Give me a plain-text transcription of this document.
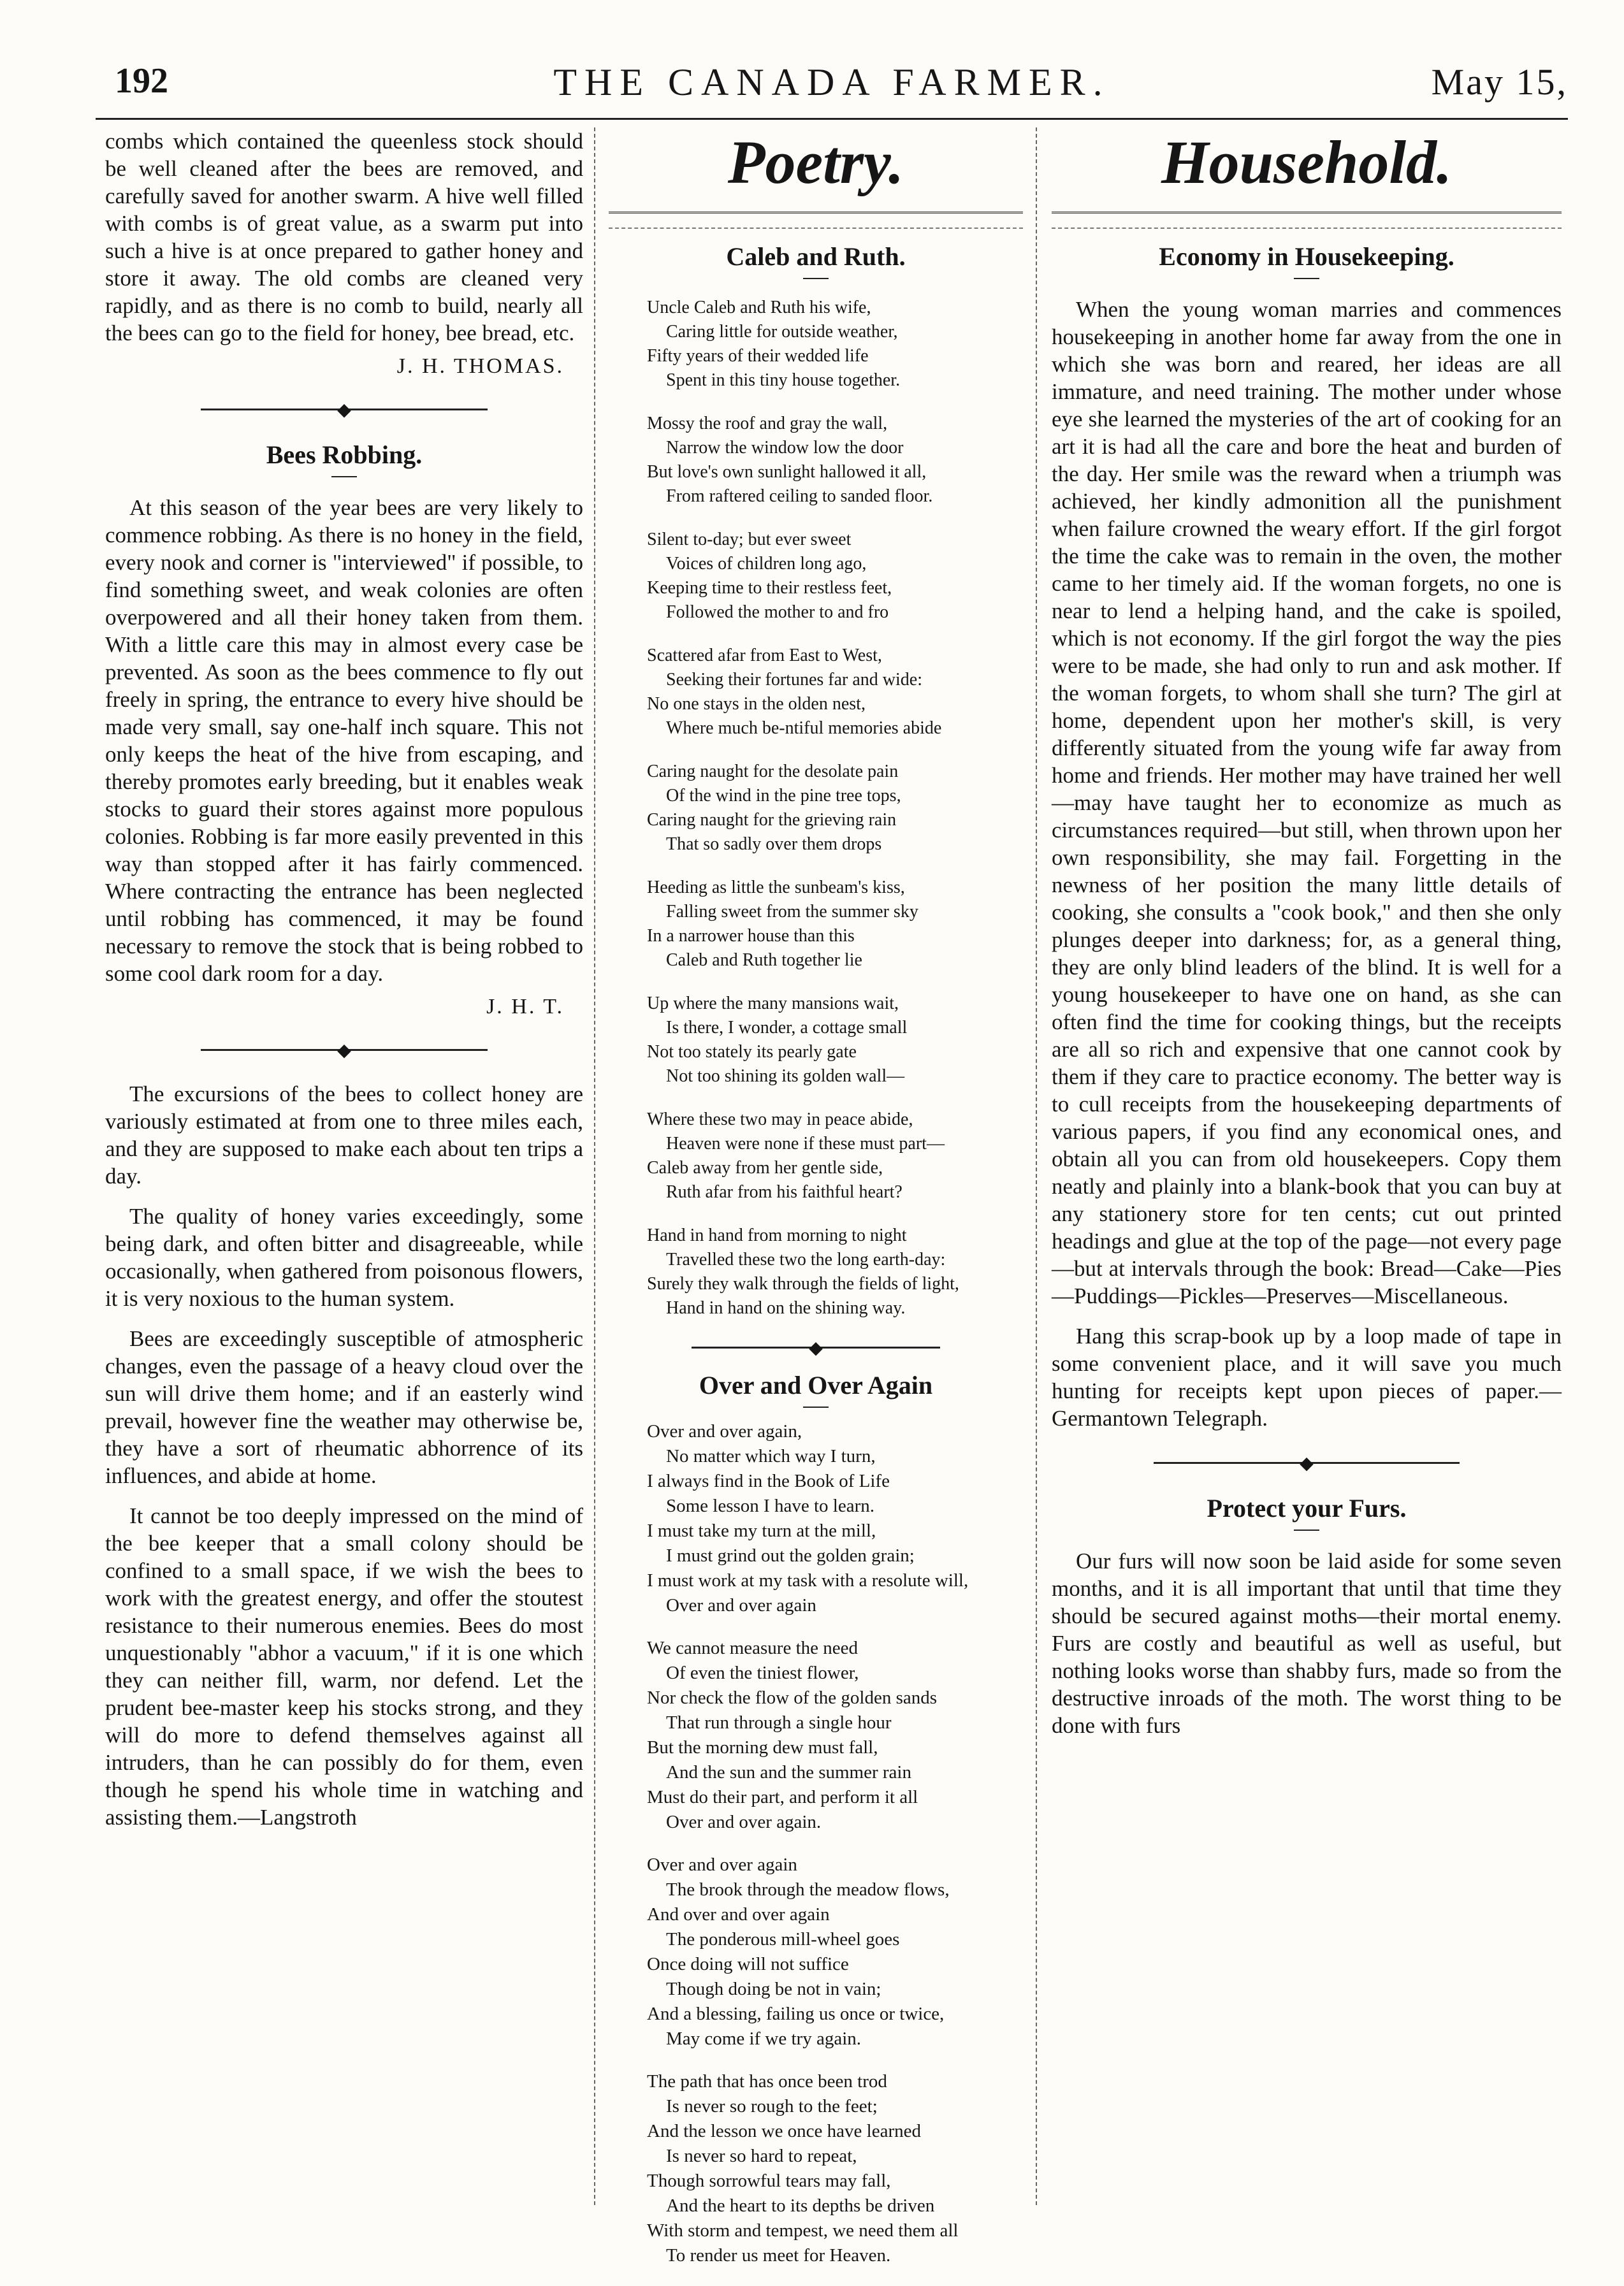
192	THE CANADA FARMER.	May 15,

combs which contained the queenless stock should be well cleaned after the bees are removed, and carefully saved for another swarm. A hive well filled with combs is of great value, as a swarm put into such a hive is at once prepared to gather honey and store it away. The old combs are cleaned very rapidly, and as there is no comb to build, nearly all the bees can go to the field for honey, bee bread, etc.

J. H. THOMAS.
◆
Bees Robbing.

At this season of the year bees are very likely to commence robbing. As there is no honey in the field, every nook and corner is "interviewed" if possible, to find something sweet, and weak colonies are often overpowered and all their honey taken from them. With a little care this may in almost every case be prevented. As soon as the bees commence to fly out freely in spring, the entrance to every hive should be made very small, say one-half inch square. This not only keeps the heat of the hive from escaping, and thereby promotes early breeding, but it enables weak stocks to guard their stores against more populous colonies. Robbing is far more easily prevented in this way than stopped after it has fairly commenced. Where contracting the entrance has been neglected until robbing has commenced, it may be found necessary to remove the stock that is being robbed to some cool dark room for a day.

J. H. T.
◆

The excursions of the bees to collect honey are variously estimated at from one to three miles each, and they are supposed to make each about ten trips a day.

The quality of honey varies exceedingly, some being dark, and often bitter and disagreeable, while occasionally, when gathered from poisonous flowers, it is very noxious to the human system.

Bees are exceedingly susceptible of atmospheric changes, even the passage of a heavy cloud over the sun will drive them home; and if an easterly wind prevail, however fine the weather may otherwise be, they have a sort of rheumatic abhorrence of its influences, and abide at home.

It cannot be too deeply impressed on the mind of the bee keeper that a small colony should be confined to a small space, if we wish the bees to work with the greatest energy, and offer the stoutest resistance to their numerous enemies. Bees do most unquestionably "abhor a vacuum," if it is one which they can neither fill, warm, nor defend. Let the prudent bee-master keep his stocks strong, and they will do more to defend themselves against all intruders, than he can possibly do for them, even though he spend his whole time in watching and assisting them.—Langstroth

Poetry.
Caleb and Ruth.
Uncle Caleb and Ruth his wife,
Caring little for outside weather,
Fifty years of their wedded life
Spent in this tiny house together.
Mossy the roof and gray the wall,
Narrow the window low the door
But love's own sunlight hallowed it all,
From raftered ceiling to sanded floor.
Silent to-day; but ever sweet
Voices of children long ago,
Keeping time to their restless feet,
Followed the mother to and fro
Scattered afar from East to West,
Seeking their fortunes far and wide:
No one stays in the olden nest,
Where much be-ntiful memories abide
Caring naught for the desolate pain
Of the wind in the pine tree tops,
Caring naught for the grieving rain
That so sadly over them drops
Heeding as little the sunbeam's kiss,
Falling sweet from the summer sky
In a narrower house than this
Caleb and Ruth together lie
Up where the many mansions wait,
Is there, I wonder, a cottage small
Not too stately its pearly gate
Not too shining its golden wall—
Where these two may in peace abide,
Heaven were none if these must part—
Caleb away from her gentle side,
Ruth afar from his faithful heart?
Hand in hand from morning to night
Travelled these two the long earth-day:
Surely they walk through the fields of light,
Hand in hand on the shining way.
◆
Over and Over Again
Over and over again,
No matter which way I turn,
I always find in the Book of Life
Some lesson I have to learn.
I must take my turn at the mill,
I must grind out the golden grain;
I must work at my task with a resolute will,
Over and over again
We cannot measure the need
Of even the tiniest flower,
Nor check the flow of the golden sands
That run through a single hour
But the morning dew must fall,
And the sun and the summer rain
Must do their part, and perform it all
Over and over again.
Over and over again
The brook through the meadow flows,
And over and over again
The ponderous mill-wheel goes
Once doing will not suffice
Though doing be not in vain;
And a blessing, failing us once or twice,
May come if we try again.
The path that has once been trod
Is never so rough to the feet;
And the lesson we once have learned
Is never so hard to repeat,
Though sorrowful tears may fall,
And the heart to its depths be driven
With storm and tempest, we need them all
To render us meet for Heaven.
Household.
Economy in Housekeeping.

When the young woman marries and commences housekeeping in another home far away from the one in which she was born and reared, her ideas are all immature, and need training. The mother under whose eye she learned the mysteries of the art of cooking for an art it is had all the care and bore the heat and burden of the day. Her smile was the reward when a triumph was achieved, her kindly admonition all the punishment when failure crowned the weary effort. If the girl forgot the time the cake was to remain in the oven, the mother came to her timely aid. If the woman forgets, no one is near to lend a helping hand, and the cake is spoiled, which is not economy. If the girl forgot the way the pies were to be made, she had only to run and ask mother. If the woman forgets, to whom shall she turn? The girl at home, dependent upon her mother's skill, is very differently situated from the young wife far away from home and friends. Her mother may have trained her well—may have taught her to economize as much as circumstances required—but still, when thrown upon her own responsibility, she may fail. Forgetting in the newness of her position the many little details of cooking, she consults a "cook book," and then she only plunges deeper into darkness; for, as a general thing, they are only blind leaders of the blind. It is well for a young housekeeper to have one on hand, as she can often find the time for cooking things, but the receipts are all so rich and expensive that one cannot cook by them if they care to practice economy. The better way is to cull receipts from the housekeeping departments of various papers, if you find any economical ones, and obtain all you can from old housekeepers. Copy them neatly and plainly into a blank-book that you can buy at any stationery store for ten cents; cut out printed headings and glue at the top of the page—not every page—but at intervals through the book: Bread—Cake—Pies—Puddings—Pickles—Preserves—Miscellaneous.

Hang this scrap-book up by a loop made of tape in some convenient place, and it will save you much hunting for receipts kept upon pieces of paper.—Germantown Telegraph.

◆
Protect your Furs.

Our furs will now soon be laid aside for some seven months, and it is all important that until that time they should be secured against moths—their mortal enemy. Furs are costly and beautiful as well as useful, but nothing looks worse than shabby furs, made so from the destructive inroads of the moth. The worst thing to be done with furs
